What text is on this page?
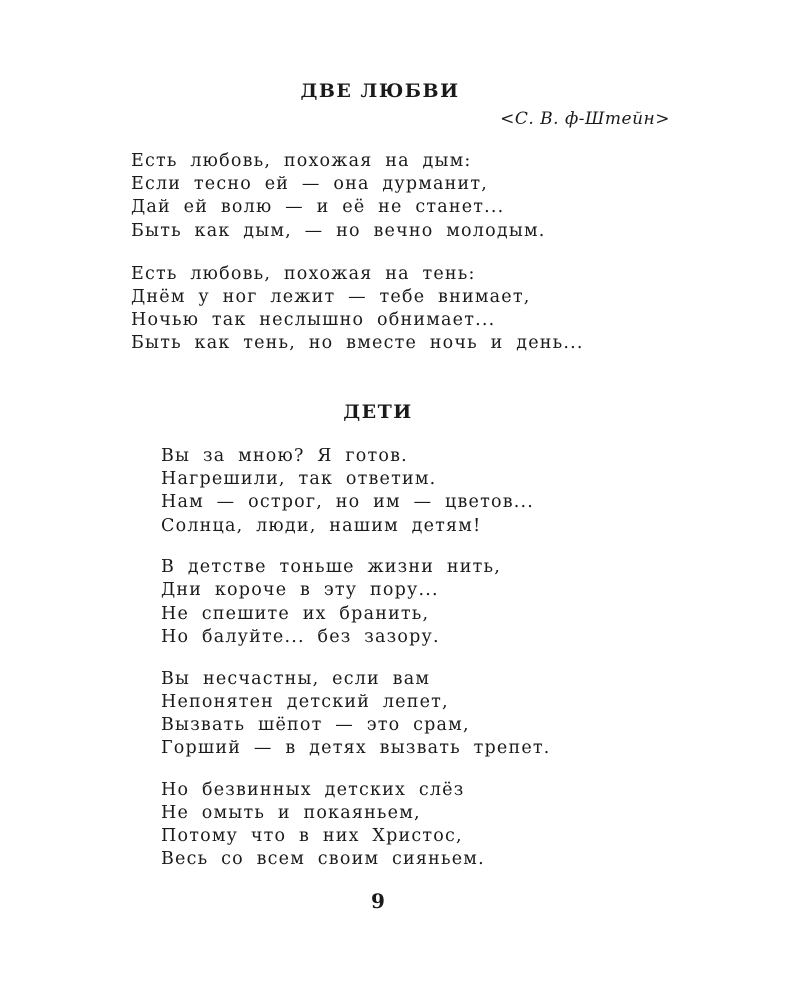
ДВЕ ЛЮБВИ
<С. В. ф-Штейн>
Есть любовь, похожая на дым:
Если тесно ей — она дурманит,
Дай ей волю — и её не станет...
Быть как дым, — но вечно молодым.
Есть любовь, похожая на тень:
Днём у ног лежит — тебе внимает,
Ночью так неслышно обнимает...
Быть как тень, но вместе ночь и день...
ДЕТИ
Вы за мною? Я готов.
Нагрешили, так ответим.
Нам — острог, но им — цветов...
Солнца, люди, нашим детям!
В детстве тоньше жизни нить,
Дни короче в эту пору...
Не спешите их бранить,
Но балуйте... без зазору.
Вы несчастны, если вам
Непонятен детский лепет,
Вызвать шёпот — это срам,
Горший — в детях вызвать трепет.
Но безвинных детских слёз
Не омыть и покаяньем,
Потому что в них Христос,
Весь со всем своим сияньем.
9
